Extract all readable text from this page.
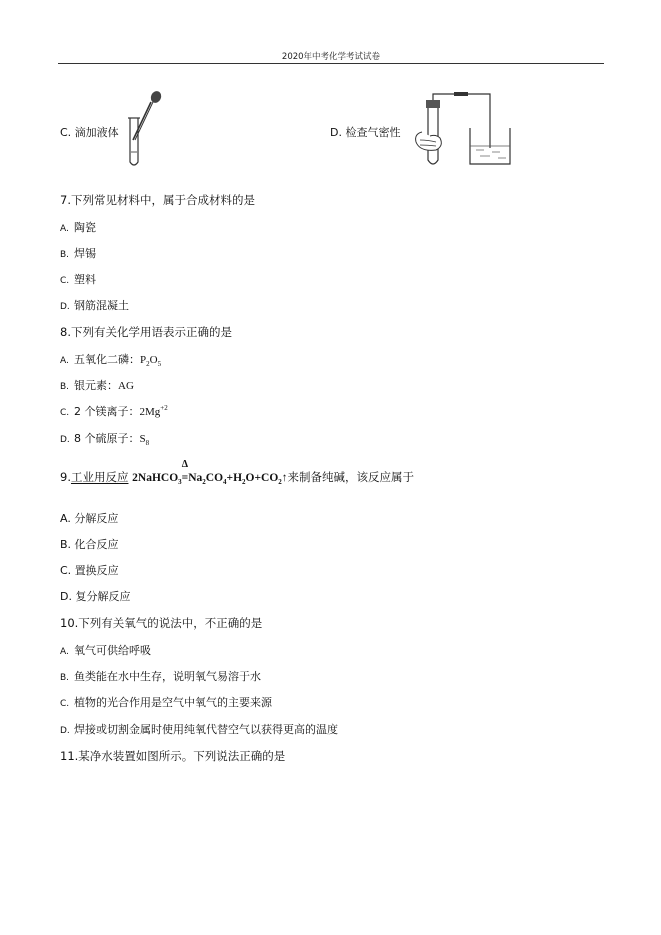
2020年中考化学考试试卷
C. 滴加液体	D. 检查气密性
7.下列常见材料中，属于合成材料的是
A. 陶瓷
B. 焊锡
C. 塑料
D. 钢筋混凝土
8.下列有关化学用语表示正确的是
A. 五氧化二磷：$P_2O_5$
B. 银元素：AG
C. 2 个镁离子：$2Mg^{+2}$
D. 8 个硫原子：$S_8$
9.工业用反应 2NaHCO$_3$
Δ
$=Na_2CO_4+H_2O+CO_2↑$来制备纯碱，该反应属于
A. 分解反应
B. 化合反应
C. 置换反应
D. 复分解反应
10.下列有关氧气的说法中，不正确的是
A. 氧气可供给呼吸
B. 鱼类能在水中生存，说明氧气易溶于水
C. 植物的光合作用是空气中氧气的主要来源
D. 焊接或切割金属时使用纯氧代替空气以获得更高的温度
11.某净水装置如图所示。下列说法正确的是
